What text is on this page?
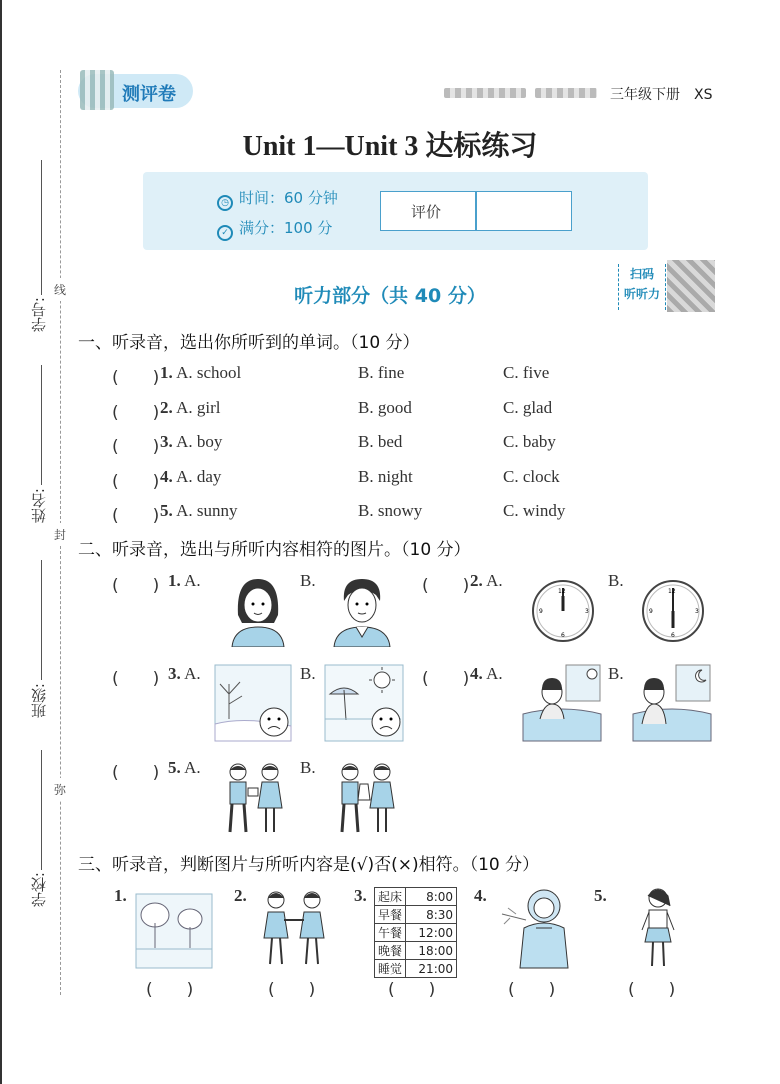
学号:
姓名:
班级:
学校:
线
封
弥
测评卷	三年级下册　XS
Unit 1—Unit 3 达标练习
◷ 时间：60 分钟
✓ 满分：100 分
评价
听力部分（共 40 分）
扫码
听听力
一、听录音，选出你所听到的单词。（10 分）
(　　) 1. A. school	B. fine	C. five
(　　) 2. A. girl	B. good	C. glad
(　　) 3. A. boy	B. bed	C. baby
(　　) 4. A. day	B. night	C. clock
(　　) 5. A. sunny	B. snowy	C. windy
二、听录音，选出与所听内容相符的图片。（10 分）
(　　) 1. A.	B.	(　　) 2. A.
12
3
6
9
B.
12
3
6
9
(　　) 3. A.	B.	(　　) 4. A.	B.
(　　) 5. A.	B.
三、听录音，判断图片与所听内容是(√)否(×)相符。（10 分）
1.
(　　)
2.
(　　)
3. 起床	8:00
早餐	8:30
午餐	12:00
晚餐	18:00
睡觉	21:00
(　　)
4.
(　　)
5.
(　　)
